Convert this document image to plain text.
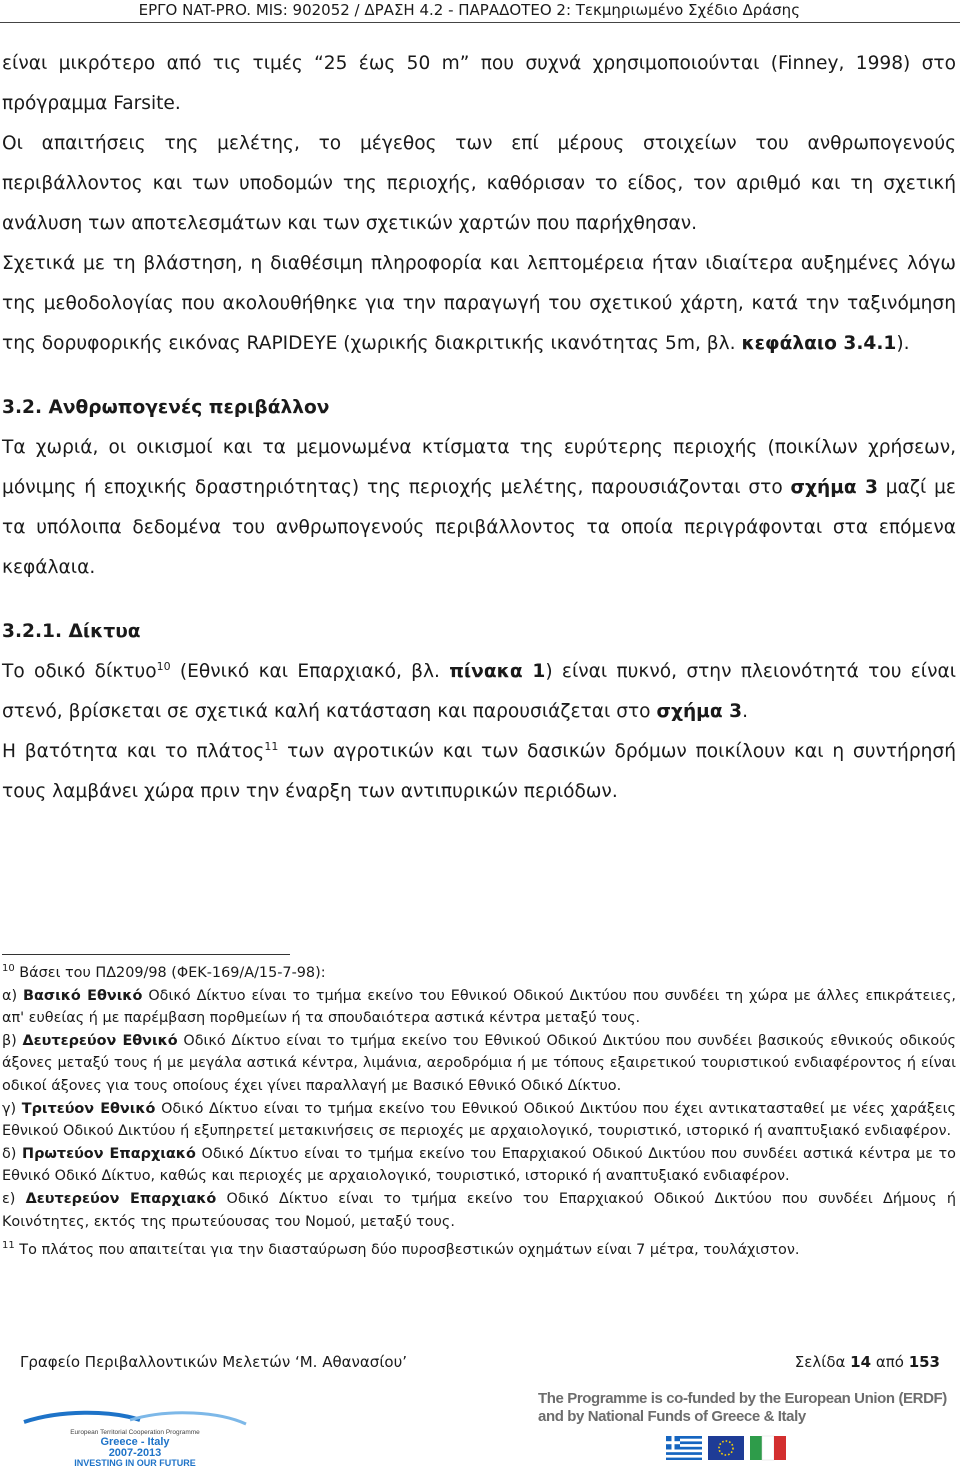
ΕΡΓΟ NAT-PRO. MIS: 902052 / ΔΡΑΣΗ 4.2 - ΠΑΡΑΔΟΤΕΟ 2: Τεκμηριωμένο Σχέδιο Δράσης

είναι μικρότερο από τις τιμές “25 έως 50 m” που συχνά χρησιμοποιούνται (Finney, 1998) στο πρόγραμμα Farsite.

Οι απαιτήσεις της μελέτης, το μέγεθος των επί μέρους στοιχείων του ανθρωπογενούς περιβάλλοντος και των υποδομών της περιοχής, καθόρισαν το είδος, τον αριθμό και τη σχετική ανάλυση των αποτελεσμάτων και των σχετικών χαρτών που παρήχθησαν.

Σχετικά με τη βλάστηση, η διαθέσιμη πληροφορία και λεπτομέρεια ήταν ιδιαίτερα αυξημένες λόγω της μεθοδολογίας που ακολουθήθηκε για την παραγωγή του σχετικού χάρτη, κατά την ταξινόμηση της δορυφορικής εικόνας RAPIDEYE (χωρικής διακριτικής ικανότητας 5m, βλ. κεφάλαιο 3.4.1).

3.2. Ανθρωπογενές περιβάλλον

Τα χωριά, οι οικισμοί και τα μεμονωμένα κτίσματα της ευρύτερης περιοχής (ποικίλων χρήσεων, μόνιμης ή εποχικής δραστηριότητας) της περιοχής μελέτης, παρουσιάζονται στο σχήμα 3 μαζί με τα υπόλοιπα δεδομένα του ανθρωπογενούς περιβάλλοντος τα οποία περιγράφονται στα επόμενα κεφάλαια.

3.2.1. Δίκτυα

Το οδικό δίκτυο$^{10}$ (Εθνικό και Επαρχιακό, βλ. πίνακα 1) είναι πυκνό, στην πλειονότητά του είναι στενό, βρίσκεται σε σχετικά καλή κατάσταση και παρουσιάζεται στο σχήμα 3.

Η βατότητα και το πλάτος$^{11}$ των αγροτικών και των δασικών δρόμων ποικίλουν και η συντήρησή τους λαμβάνει χώρα πριν την έναρξη των αντιπυρικών περιόδων.

$^{10}$ Βάσει του ΠΔ209/98 (ΦΕΚ-169/Α/15-7-98):

α) Βασικό Εθνικό Οδικό Δίκτυο είναι το τμήμα εκείνο του Εθνικού Οδικού Δικτύου που συνδέει τη χώρα με άλλες επικράτειες, απ' ευθείας ή με παρέμβαση πορθμείων ή τα σπουδαιότερα αστικά κέντρα μεταξύ τους.

β) Δευτερεύον Εθνικό Οδικό Δίκτυο είναι το τμήμα εκείνο του Εθνικού Οδικού Δικτύου που συνδέει βασικούς εθνικούς οδικούς άξονες μεταξύ τους ή με μεγάλα αστικά κέντρα, λιμάνια, αεροδρόμια ή με τόπους εξαιρετικού τουριστικού ενδιαφέροντος ή είναι οδικοί άξονες για τους οποίους έχει γίνει παραλλαγή με Βασικό Εθνικό Οδικό Δίκτυο.

γ) Τριτεύον Εθνικό Οδικό Δίκτυο είναι το τμήμα εκείνο του Εθνικού Οδικού Δικτύου που έχει αντικατασταθεί με νέες χαράξεις Εθνικού Οδικού Δικτύου ή εξυπηρετεί μετακινήσεις σε περιοχές με αρχαιολογικό, τουριστικό, ιστορικό ή αναπτυξιακό ενδιαφέρον.

δ) Πρωτεύον Επαρχιακό Οδικό Δίκτυο είναι το τμήμα εκείνο του Επαρχιακού Οδικού Δικτύου που συνδέει αστικά κέντρα με το Εθνικό Οδικό Δίκτυο, καθώς και περιοχές με αρχαιολογικό, τουριστικό, ιστορικό ή αναπτυξιακό ενδιαφέρον.

ε) Δευτερεύον Επαρχιακό Οδικό Δίκτυο είναι το τμήμα εκείνο του Επαρχιακού Οδικού Δικτύου που συνδέει Δήμους ή Κοινότητες, εκτός της πρωτεύουσας του Νομού, μεταξύ τους.

$^{11}$ Το πλάτος που απαιτείται για την διασταύρωση δύο πυροσβεστικών οχημάτων είναι 7 μέτρα, τουλάχιστον.

Γραφείο Περιβαλλοντικών Μελετών ‘Μ. Αθανασίου’	Σελίδα 14 από 153
European Territorial Cooperation Programme
Greece - Italy
2007-2013
INVESTING IN OUR FUTURE
The Programme is co-funded by the European Union (ERDF)
and by National Funds of Greece & Italy
